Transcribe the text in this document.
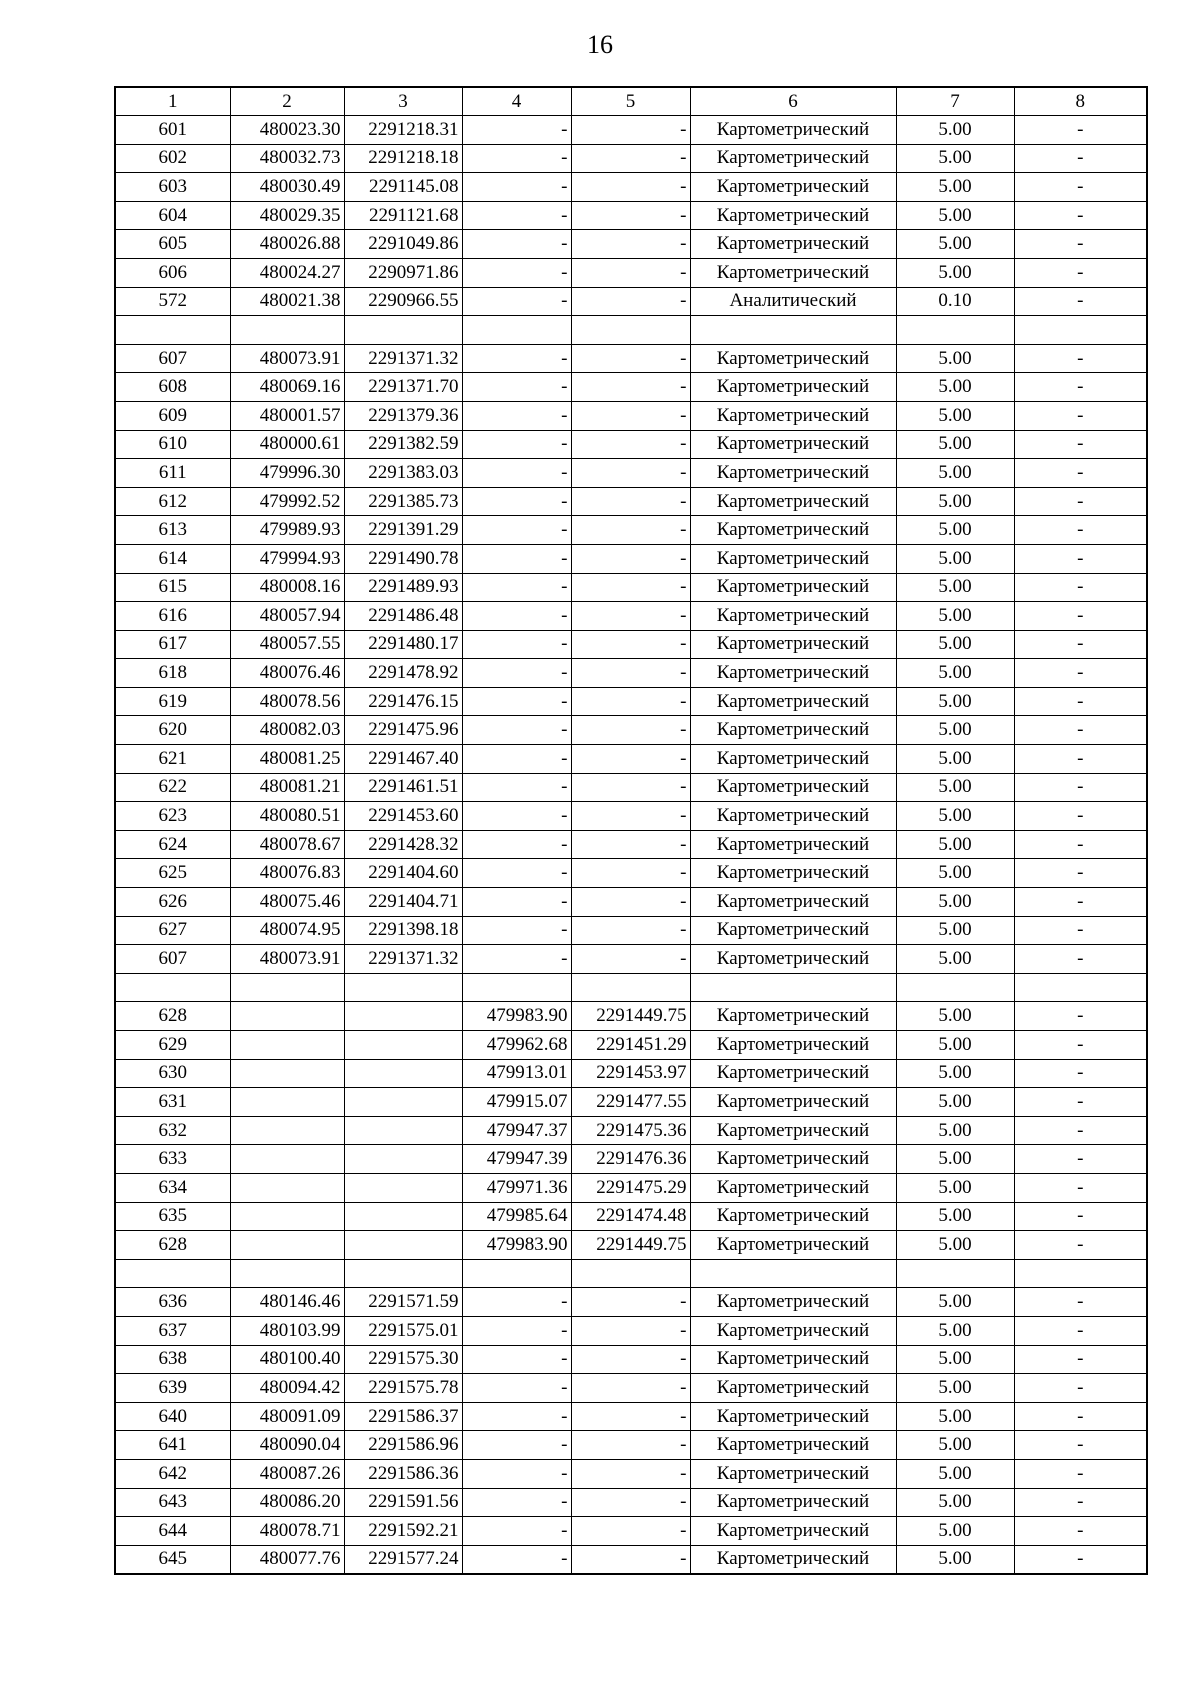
16
1	2	3	4	5	6	7	8
601	480023.30	2291218.31	-	-	Картометрический	5.00	-
602	480032.73	2291218.18	-	-	Картометрический	5.00	-
603	480030.49	2291145.08	-	-	Картометрический	5.00	-
604	480029.35	2291121.68	-	-	Картометрический	5.00	-
605	480026.88	2291049.86	-	-	Картометрический	5.00	-
606	480024.27	2290971.86	-	-	Картометрический	5.00	-
572	480021.38	2290966.55	-	-	Аналитический	0.10	-

607	480073.91	2291371.32	-	-	Картометрический	5.00	-
608	480069.16	2291371.70	-	-	Картометрический	5.00	-
609	480001.57	2291379.36	-	-	Картометрический	5.00	-
610	480000.61	2291382.59	-	-	Картометрический	5.00	-
611	479996.30	2291383.03	-	-	Картометрический	5.00	-
612	479992.52	2291385.73	-	-	Картометрический	5.00	-
613	479989.93	2291391.29	-	-	Картометрический	5.00	-
614	479994.93	2291490.78	-	-	Картометрический	5.00	-
615	480008.16	2291489.93	-	-	Картометрический	5.00	-
616	480057.94	2291486.48	-	-	Картометрический	5.00	-
617	480057.55	2291480.17	-	-	Картометрический	5.00	-
618	480076.46	2291478.92	-	-	Картометрический	5.00	-
619	480078.56	2291476.15	-	-	Картометрический	5.00	-
620	480082.03	2291475.96	-	-	Картометрический	5.00	-
621	480081.25	2291467.40	-	-	Картометрический	5.00	-
622	480081.21	2291461.51	-	-	Картометрический	5.00	-
623	480080.51	2291453.60	-	-	Картометрический	5.00	-
624	480078.67	2291428.32	-	-	Картометрический	5.00	-
625	480076.83	2291404.60	-	-	Картометрический	5.00	-
626	480075.46	2291404.71	-	-	Картометрический	5.00	-
627	480074.95	2291398.18	-	-	Картометрический	5.00	-
607	480073.91	2291371.32	-	-	Картометрический	5.00	-

628			479983.90	2291449.75	Картометрический	5.00	-
629			479962.68	2291451.29	Картометрический	5.00	-
630			479913.01	2291453.97	Картометрический	5.00	-
631			479915.07	2291477.55	Картометрический	5.00	-
632			479947.37	2291475.36	Картометрический	5.00	-
633			479947.39	2291476.36	Картометрический	5.00	-
634			479971.36	2291475.29	Картометрический	5.00	-
635			479985.64	2291474.48	Картометрический	5.00	-
628			479983.90	2291449.75	Картометрический	5.00	-

636	480146.46	2291571.59	-	-	Картометрический	5.00	-
637	480103.99	2291575.01	-	-	Картометрический	5.00	-
638	480100.40	2291575.30	-	-	Картометрический	5.00	-
639	480094.42	2291575.78	-	-	Картометрический	5.00	-
640	480091.09	2291586.37	-	-	Картометрический	5.00	-
641	480090.04	2291586.96	-	-	Картометрический	5.00	-
642	480087.26	2291586.36	-	-	Картометрический	5.00	-
643	480086.20	2291591.56	-	-	Картометрический	5.00	-
644	480078.71	2291592.21	-	-	Картометрический	5.00	-
645	480077.76	2291577.24	-	-	Картометрический	5.00	-
